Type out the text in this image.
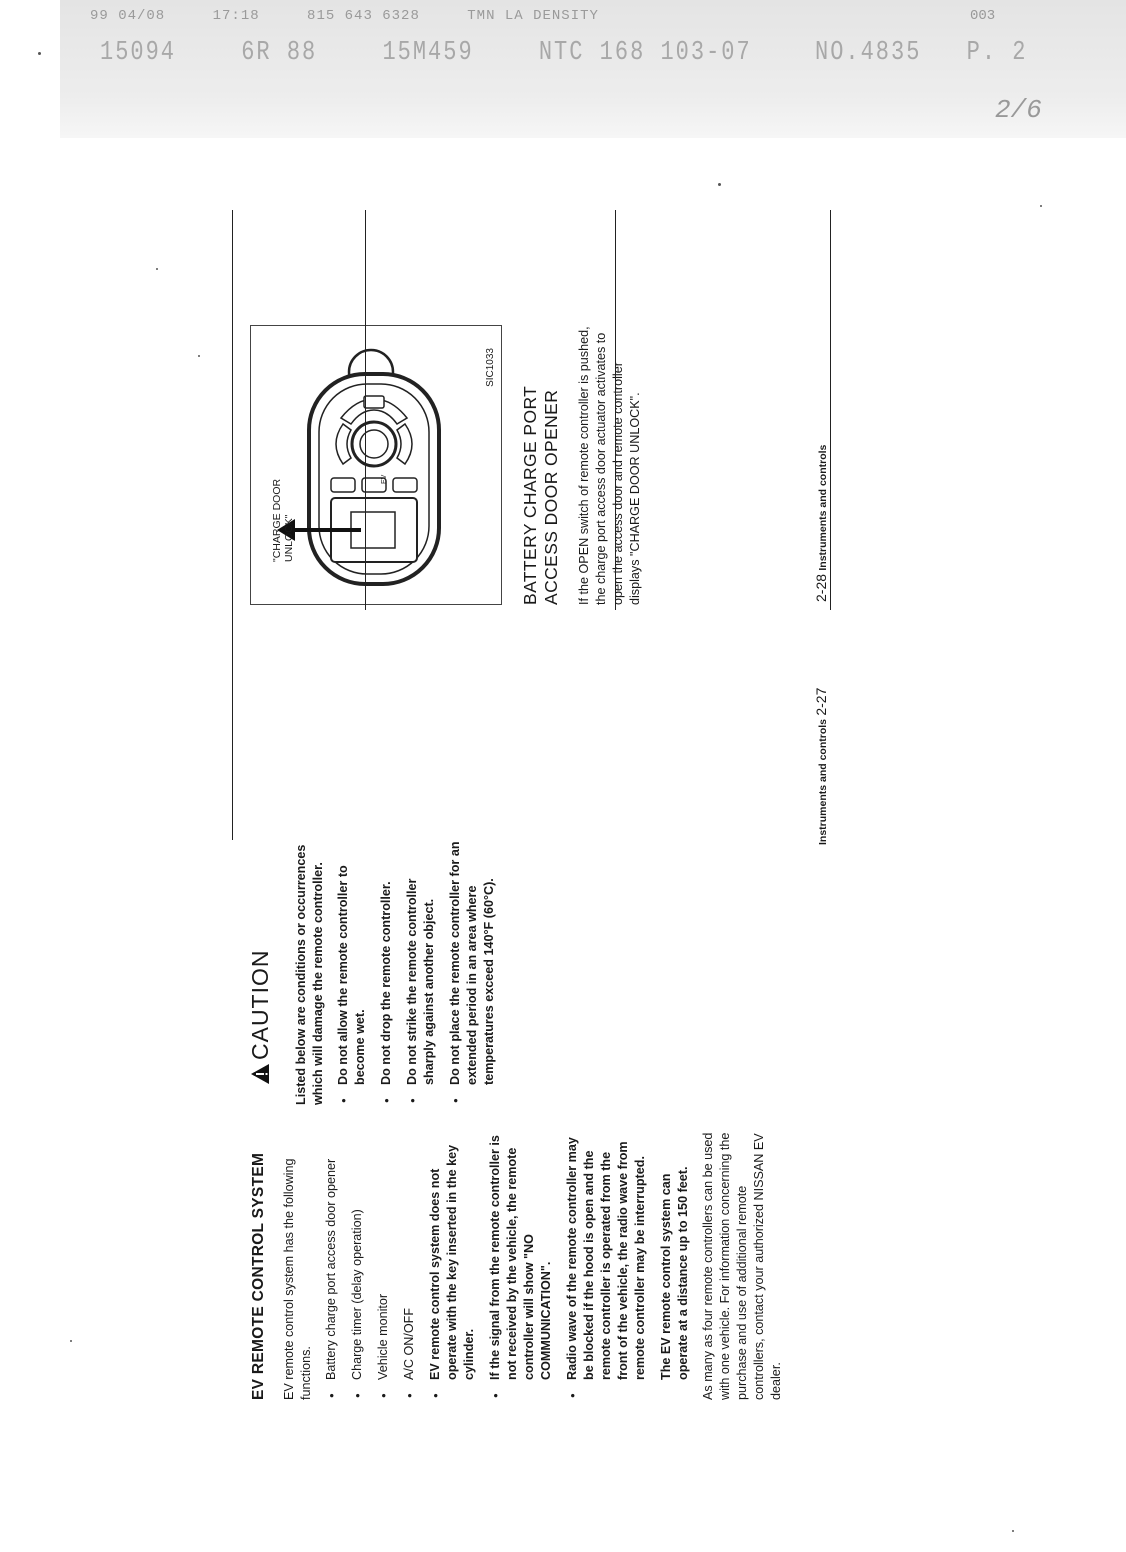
99 04/08	17:18	815 643 6328	TMN LA DENSITY	003
15094	6R 88	15M459	NTC 168 103-07	NO.4835 P. 2
2/6
EV REMOTE CONTROL SYSTEM EV remote control system has the following functions. ● Battery charge port access door opener ● Charge timer (delay operation) ● Vehicle monitor ● A/C ON/OFF ● EV remote control system does not operate with the key inserted in the key cylinder. ● If the signal from the remote controller is not received by the vehicle, the remote controller will show "NO COMMUNICATION". ● Radio wave of the remote controller may be blocked if the hood is open and the remote controller is operated from the front of the vehicle, the radio wave from remote controller may be interrupted. The EV remote control system can operate at a distance up to 150 feet. As many as four remote controllers can be used with one vehicle. For information concerning the purchase and use of additional remote controllers, contact your authorized NISSAN EV dealer.

CAUTION Listed below are conditions or occurrences which will damage the remote controller. ● Do not allow the remote controller to become wet. ● Do not drop the remote controller. ● Do not strike the remote controller sharply against another object. ● Do not place the remote controller for an extended period in an area where temperatures exceed 140°F (60°C).
EV
"CHARGE DOOR UNLOCK"
SIC1033
BATTERY CHARGE PORT ACCESS DOOR OPENER If the OPEN switch of remote controller is pushed, the charge port access door actuator activates to open the access door and remote controller displays "CHARGE DOOR UNLOCK".

Instruments and controls 2-27
2-28 Instruments and controls
